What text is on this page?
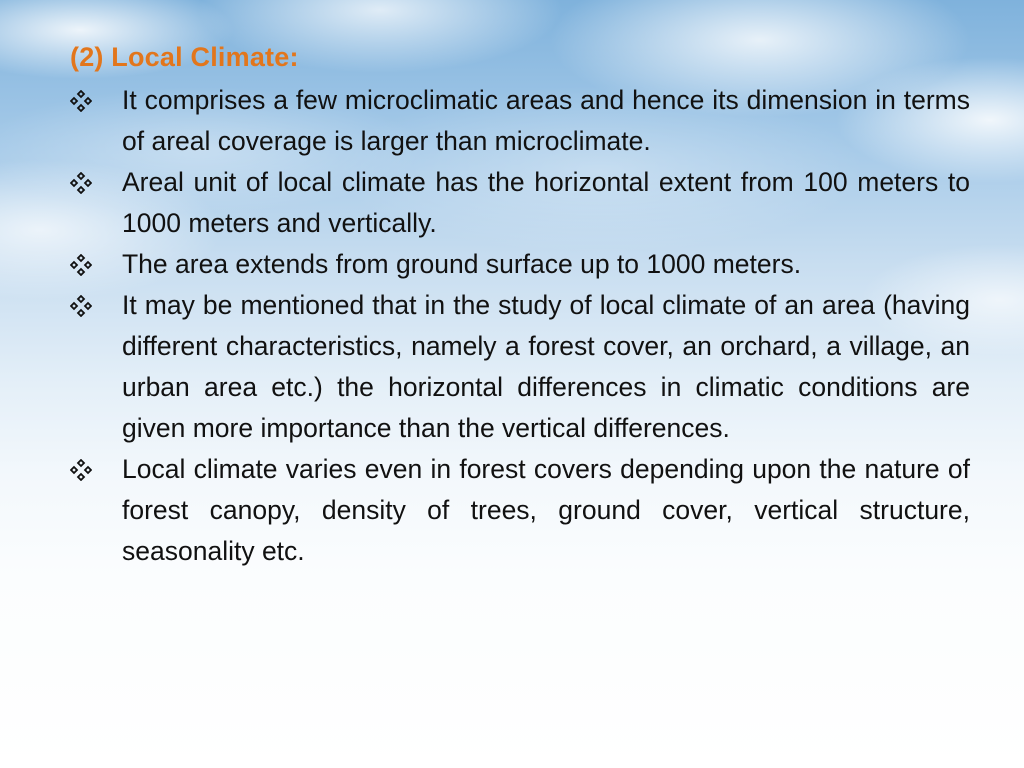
(2) Local Climate:
It comprises a few microclimatic areas and hence its dimension in terms of areal coverage is larger than microclimate.
Areal unit of local climate has the horizontal extent from 100 meters to 1000 meters and vertically.
The area extends from ground surface up to 1000 meters.
It may be mentioned that in the study of local climate of an area (having different characteristics, namely a forest cover, an orchard, a village, an urban area etc.) the horizontal differences in climatic conditions are given more importance than the vertical differences.
Local climate varies even in forest covers depending upon the nature of forest canopy, density of trees, ground cover, vertical structure, seasonality etc.
